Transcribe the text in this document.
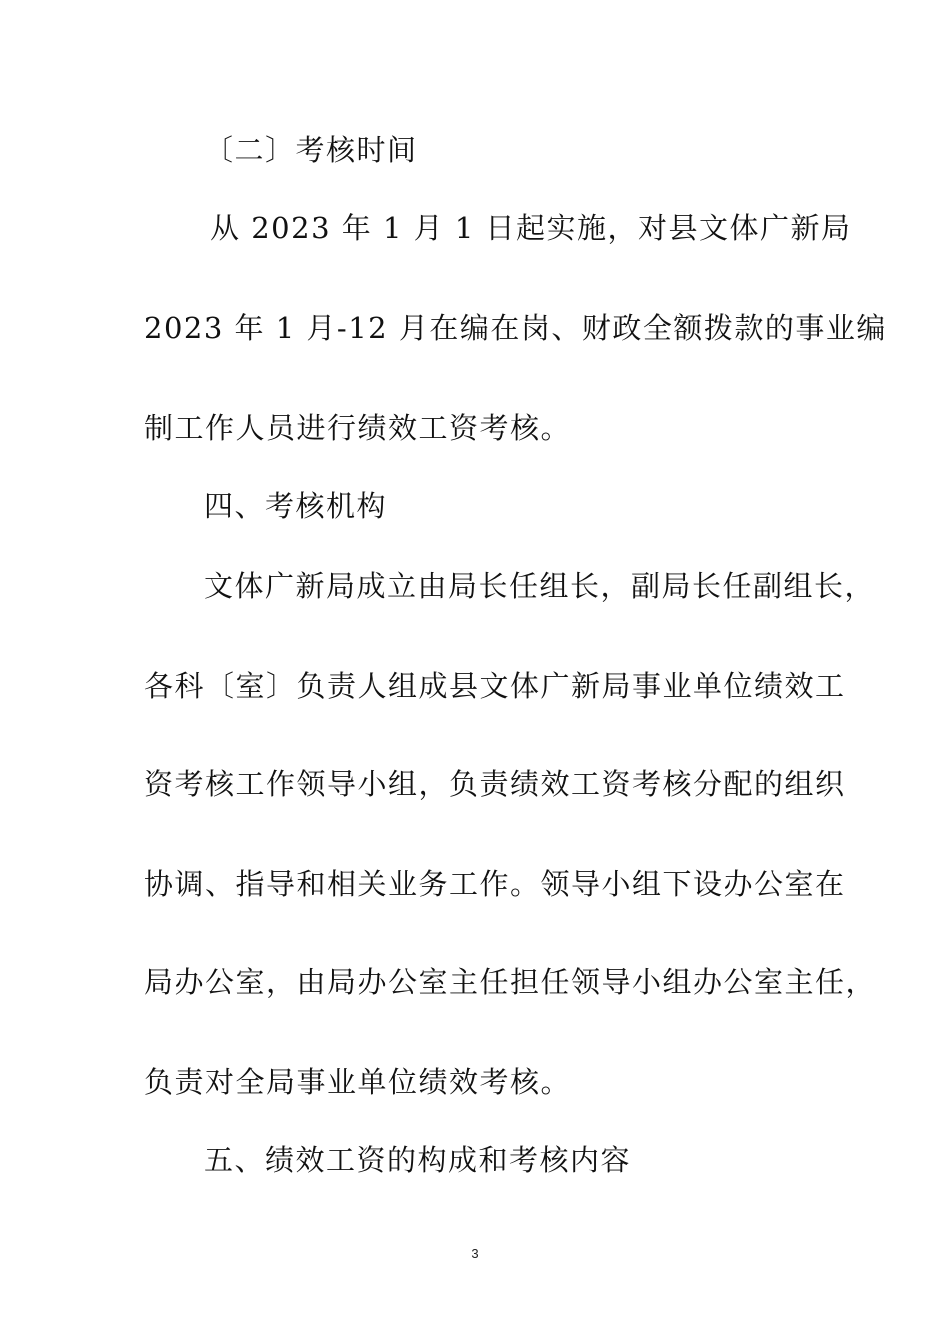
〔二〕考核时间
从 2023 年 1 月 1 日起实施，对县文体广新局
2023 年 1 月-12 月在编在岗、财政全额拨款的事业编
制工作人员进行绩效工资考核。
四、考核机构
文体广新局成立由局长任组长，副局长任副组长，
各科〔室〕负责人组成县文体广新局事业单位绩效工
资考核工作领导小组，负责绩效工资考核分配的组织
协调、指导和相关业务工作。领导小组下设办公室在
局办公室，由局办公室主任担任领导小组办公室主任，
负责对全局事业单位绩效考核。
五、绩效工资的构成和考核内容
3
